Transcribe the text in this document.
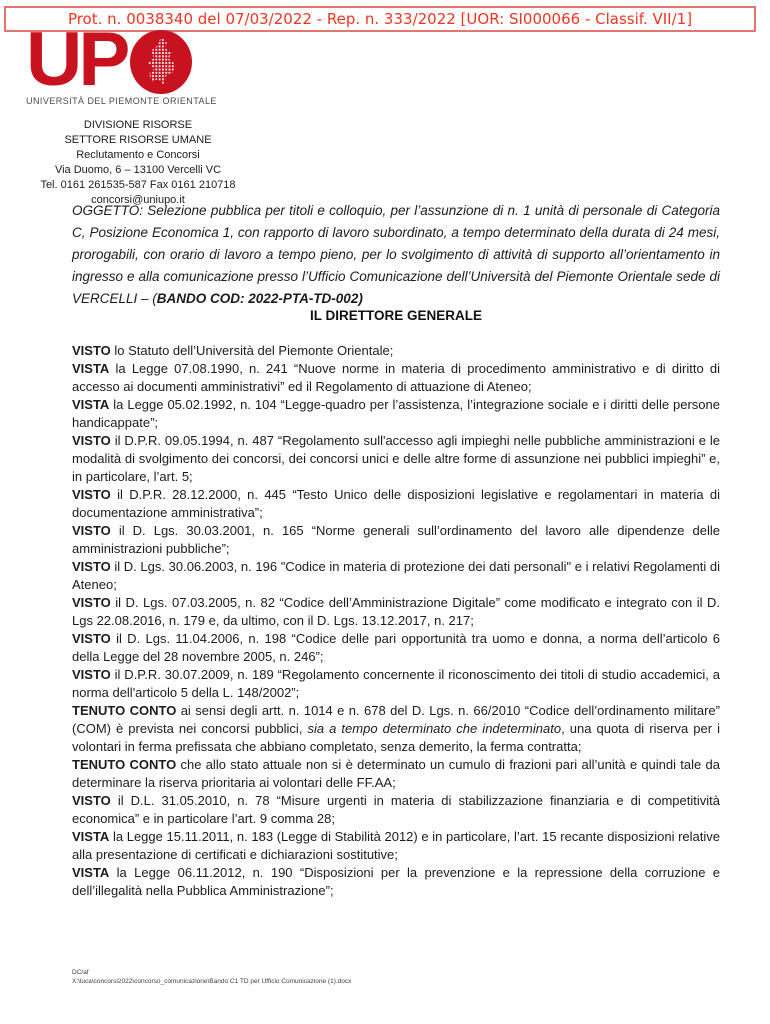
Prot. n. 0038340 del 07/03/2022 - Rep. n. 333/2022 [UOR: SI000066 - Classif. VII/1]
UP
UNIVERSITÀ DEL PIEMONTE ORIENTALE
DIVISIONE RISORSE
SETTORE RISORSE UMANE
Reclutamento e Concorsi
Via Duomo, 6 – 13100 Vercelli VC
Tel. 0161 261535-587 Fax 0161 210718
concorsi@uniupo.it

OGGETTO: Selezione pubblica per titoli e colloquio, per l’assunzione di n. 1 unità di personale di Categoria C, Posizione Economica 1, con rapporto di lavoro subordinato, a tempo determinato della durata di 24 mesi, prorogabili, con orario di lavoro a tempo pieno, per lo svolgimento di attività di supporto all’orientamento in ingresso e alla comunicazione presso l’Ufficio Comunicazione dell’Università del Piemonte Orientale sede di VERCELLI – (BANDO COD: 2022-PTA-TD-002)

IL DIRETTORE GENERALE

VISTO lo Statuto dell’Università del Piemonte Orientale;

VISTA la Legge 07.08.1990, n. 241 “Nuove norme in materia di procedimento amministrativo e di diritto di accesso ai documenti amministrativi” ed il Regolamento di attuazione di Ateneo;

VISTA la Legge 05.02.1992, n. 104 “Legge-quadro per l’assistenza, l’integrazione sociale e i diritti delle persone handicappate”;

VISTO il D.P.R. 09.05.1994, n. 487 “Regolamento sull'accesso agli impieghi nelle pubbliche amministrazioni e le modalità di svolgimento dei concorsi, dei concorsi unici e delle altre forme di assunzione nei pubblici impieghi” e, in particolare, l’art. 5;

VISTO il D.P.R. 28.12.2000, n. 445 “Testo Unico delle disposizioni legislative e regolamentari in materia di documentazione amministrativa”;

VISTO il D. Lgs. 30.03.2001, n. 165 “Norme generali sull’ordinamento del lavoro alle dipendenze delle amministrazioni pubbliche”;

VISTO il D. Lgs. 30.06.2003, n. 196 "Codice in materia di protezione dei dati personali" e i relativi Regolamenti di Ateneo;

VISTO il D. Lgs. 07.03.2005, n. 82 “Codice dell’Amministrazione Digitale” come modificato e integrato con il D. Lgs 22.08.2016, n. 179 e, da ultimo, con il D. Lgs. 13.12.2017, n. 217;

VISTO il D. Lgs. 11.04.2006, n. 198 “Codice delle pari opportunità tra uomo e donna, a norma dell’articolo 6 della Legge del 28 novembre 2005, n. 246”;

VISTO il D.P.R. 30.07.2009, n. 189 “Regolamento concernente il riconoscimento dei titoli di studio accademici, a norma dell'articolo 5 della L. 148/2002”;

TENUTO CONTO ai sensi degli artt. n. 1014 e n. 678 del D. Lgs. n. 66/2010 “Codice dell’ordinamento militare” (COM) è prevista nei concorsi pubblici, sia a tempo determinato che indeterminato, una quota di riserva per i volontari in ferma prefissata che abbiano completato, senza demerito, la ferma contratta;

TENUTO CONTO che allo stato attuale non si è determinato un cumulo di frazioni pari all’unità e quindi tale da determinare la riserva prioritaria ai volontari delle FF.AA;

VISTO il D.L. 31.05.2010, n. 78 “Misure urgenti in materia di stabilizzazione finanziaria e di competitività economica” e in particolare l’art. 9 comma 28;

VISTA la Legge 15.11.2011, n. 183 (Legge di Stabilità 2012) e in particolare, l’art. 15 recante disposizioni relative alla presentazione di certificati e dichiarazioni sostitutive;

VISTA la Legge 06.11.2012, n. 190 “Disposizioni per la prevenzione e la repressione della corruzione e dell’illegalità nella Pubblica Amministrazione”;

DC/af
X:\luca\concorsi2022\concorso_comunicazione\Bando C1 TD per Ufficio Comunicazione (1).docx
